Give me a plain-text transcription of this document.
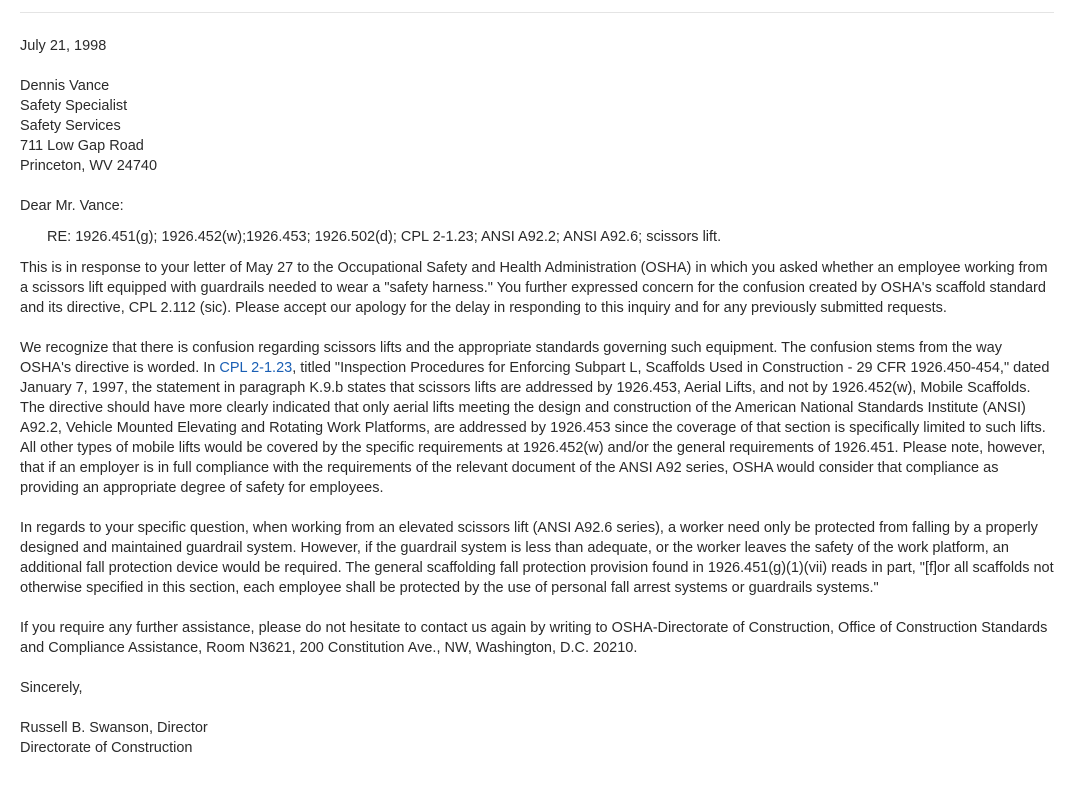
July 21, 1998
Dennis Vance
Safety Specialist
Safety Services
711 Low Gap Road
Princeton, WV 24740
Dear Mr. Vance:
RE: 1926.451(g); 1926.452(w);1926.453; 1926.502(d); CPL 2-1.23; ANSI A92.2; ANSI A92.6; scissors lift.

This is in response to your letter of May 27 to the Occupational Safety and Health Administration (OSHA) in which you asked whether an employee working from a scissors lift equipped with guardrails needed to wear a "safety harness." You further expressed concern for the confusion created by OSHA's scaffold standard and its directive, CPL 2.112 (sic). Please accept our apology for the delay in responding to this inquiry and for any previously submitted requests.

We recognize that there is confusion regarding scissors lifts and the appropriate standards governing such equipment. The confusion stems from the way OSHA's directive is worded. In CPL 2-1.23, titled "Inspection Procedures for Enforcing Subpart L, Scaffolds Used in Construction - 29 CFR 1926.450-454," dated January 7, 1997, the statement in paragraph K.9.b states that scissors lifts are addressed by 1926.453, Aerial Lifts, and not by 1926.452(w), Mobile Scaffolds. The directive should have more clearly indicated that only aerial lifts meeting the design and construction of the American National Standards Institute (ANSI) A92.2, Vehicle Mounted Elevating and Rotating Work Platforms, are addressed by 1926.453 since the coverage of that section is specifically limited to such lifts. All other types of mobile lifts would be covered by the specific requirements at 1926.452(w) and/or the general requirements of 1926.451. Please note, however, that if an employer is in full compliance with the requirements of the relevant document of the ANSI A92 series, OSHA would consider that compliance as providing an appropriate degree of safety for employees.

In regards to your specific question, when working from an elevated scissors lift (ANSI A92.6 series), a worker need only be protected from falling by a properly designed and maintained guardrail system. However, if the guardrail system is less than adequate, or the worker leaves the safety of the work platform, an additional fall protection device would be required. The general scaffolding fall protection provision found in 1926.451(g)(1)(vii) reads in part, "[f]or all scaffolds not otherwise specified in this section, each employee shall be protected by the use of personal fall arrest systems or guardrails systems."

If you require any further assistance, please do not hesitate to contact us again by writing to OSHA-Directorate of Construction, Office of Construction Standards and Compliance Assistance, Room N3621, 200 Constitution Ave., NW, Washington, D.C. 20210.

Sincerely,
Russell B. Swanson, Director
Directorate of Construction
